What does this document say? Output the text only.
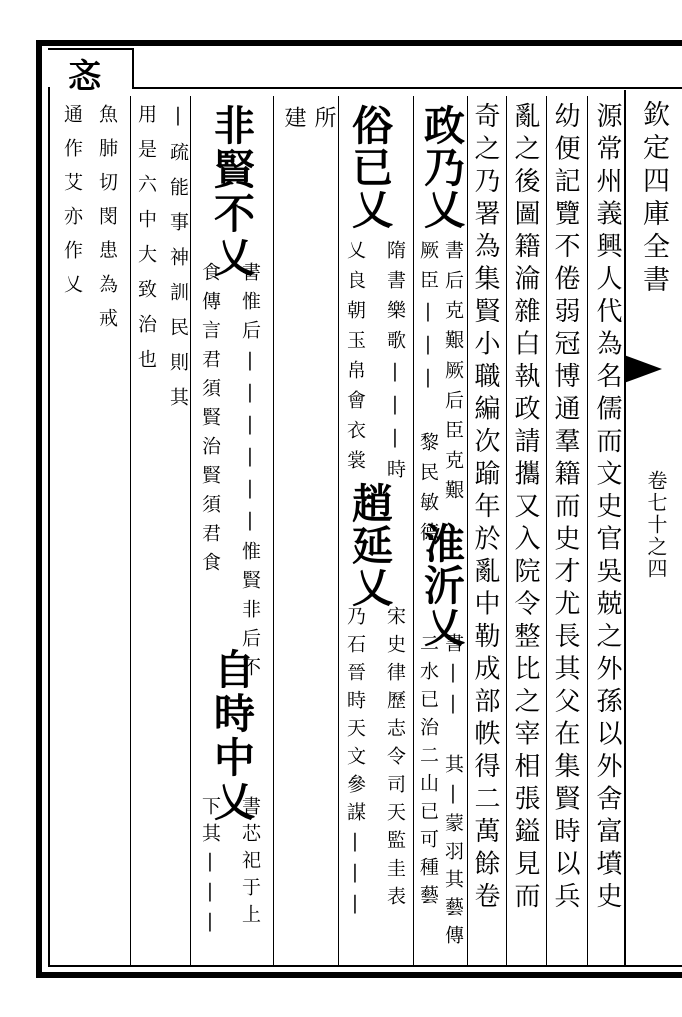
欽定四庫全書
卷七十之四
源常州義興人代為名儒而文史官吳兢之外孫以外舍富墳史
幼便記覽不倦弱冠博通羣籍而史才尤長其父在集賢時以兵
亂之後圖籍淪雜白執政請攜又入院令整比之宰相張鎰見而
奇之乃署為集賢小職編次踰年於亂中勒成部帙得二萬餘卷
政乃乂
書后克艱厥后臣克艱
厥臣||| 黎民敏德
淮沂乂
書|| 其|蒙羽其藝傳
二水已治二山已可種藝
俗已乂
隋書樂歌|||時
乂良朝玉帛會衣裳
趙延乂
宋史律歷志令司天監圭表
乃石晉時天文參謀|||
所
建
非賢不乂
書惟后||||||惟賢非后不
食傳言君須賢治賢須君食
自時中乂
書芯祀于上
下其|||
|疏能事神訓民則其
用是六中大致治也
忞
魚肺切閔患為戒
通作艾亦作乂
